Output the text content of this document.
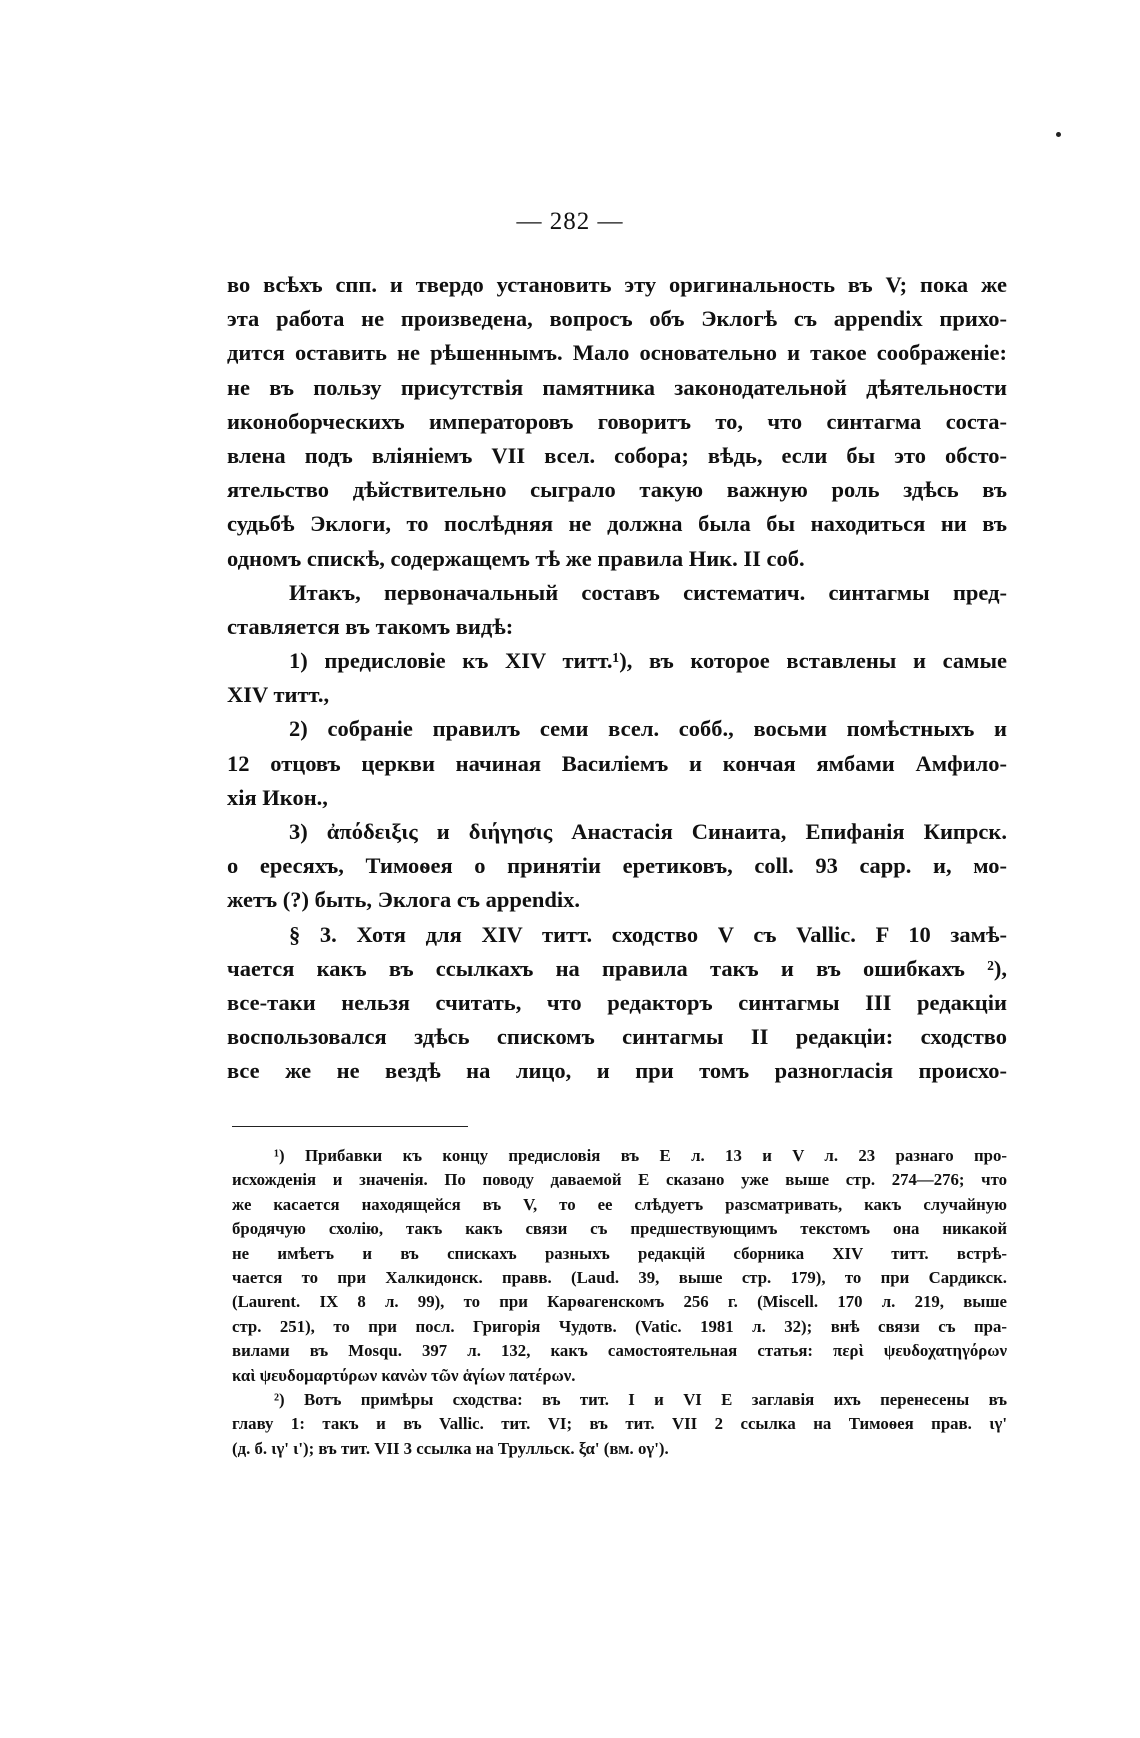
— 282 —
во всѣхъ спп. и твердо установить эту оригинальность въ V; пока же
эта работа не произведена, вопросъ объ Эклогѣ съ appendix прихо-
дится оставить не рѣшеннымъ. Мало основательно и такое соображеніе:
не въ пользу присутствія памятника законодательной дѣятельности
иконоборческихъ императоровъ говоритъ то, что синтагма соста-
влена подъ вліяніемъ VII всел. собора; вѣдь, если бы это обсто-
ятельство дѣйствительно сыграло такую важную роль здѣсь въ
судьбѣ Эклоги, то послѣдняя не должна была бы находиться ни въ
одномъ спискѣ, содержащемъ тѣ же правила Ник. II соб.
Итакъ, первоначальный составъ систематич. синтагмы пред-
ставляется въ такомъ видѣ:
1) предисловіе къ XIV титт.¹), въ которое вставлены и самые
XIV титт.,
2) собраніе правилъ семи всел. собб., восьми помѣстныхъ и
12 отцовъ церкви начиная Василіемъ и кончая ямбами Амфило-
хія Икон.,
3) ἀπόδειξις и διήγησις Анастасія Синаита, Епифанія Кипрск.
о ересяхъ, Тимоѳея о принятіи еретиковъ, coll. 93 capp. и, мо-
жетъ (?) быть, Эклога съ appendix.
§ 3. Хотя для XIV титт. сходство V съ Vallic. F 10 замѣ-
чается какъ въ ссылкахъ на правила такъ и въ ошибкахъ ²),
все-таки нельзя считать, что редакторъ синтагмы III редакціи
воспользовался здѣсь спискомъ синтагмы II редакціи: сходство
все же не вездѣ на лицо, и при томъ разногласія происхо-
¹) Прибавки къ концу предисловія въ Е л. 13 и V л. 23 разнаго про-
исхожденія и значенія. По поводу даваемой Е сказано уже выше стр. 274—276; что
же касается находящейся въ V, то ее слѣдуетъ разсматривать, какъ случайную
бродячую схолію, такъ какъ связи съ предшествующимъ текстомъ она никакой
не имѣетъ и въ спискахъ разныхъ редакцій сборника XIV титт. встрѣ-
чается то при Халкидонск. правв. (Laud. 39, выше стр. 179), то при Сардикск.
(Laurent. IX 8 л. 99), то при Карѳагенскомъ 256 г. (Miscell. 170 л. 219, выше
стр. 251), то при посл. Григорія Чудотв. (Vatic. 1981 л. 32); внѣ связи съ пра-
вилами въ Mosqu. 397 л. 132, какъ самостоятельная статья: περὶ ψευδοχατηγόρων
καὶ ψευδομαρτύρων κανὼν τῶν ἁγίων πατέρων.
²) Вотъ примѣры сходства: въ тит. I и VI Е заглавія ихъ перенесены въ
главу 1: такъ и въ Vallic. тит. VI; въ тит. VII 2 ссылка на Тимоѳея прав. ιγ'
(д. б. ιγ' ι'); въ тит. VII 3 ссылка на Трулльск. ξα' (вм. ογ').
